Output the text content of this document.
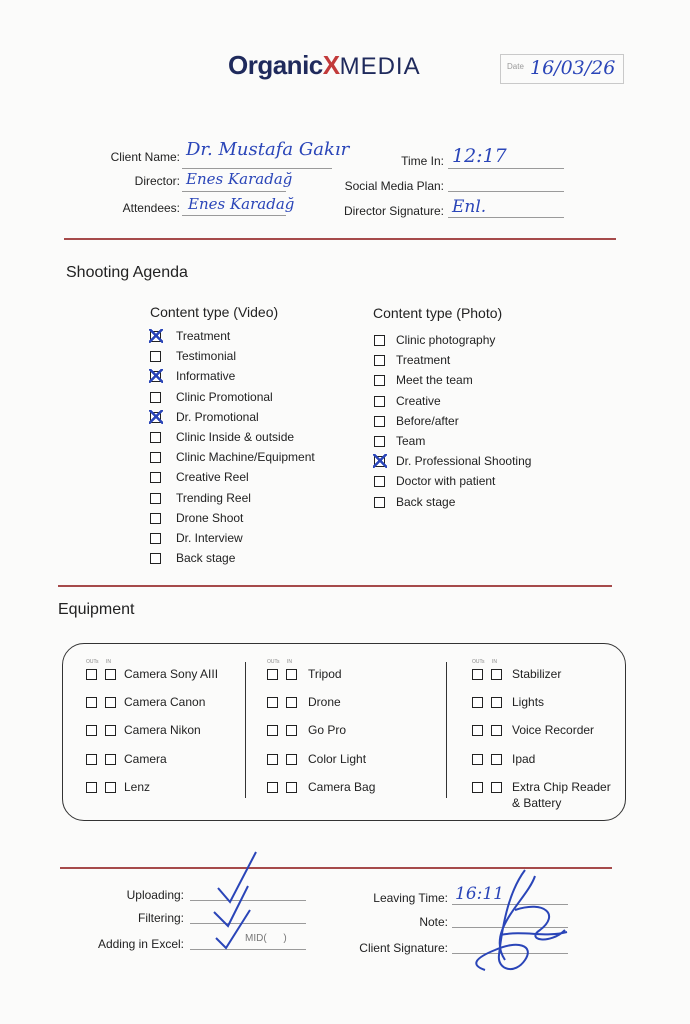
OrganicXMEDIA	Date 16/03/26
Client Name: Dr. Mustafa Gakır
Director: Enes Karadağ
Attendees: Enes Karadağ
Time In: 12:17
Social Media Plan:
Director Signature: Enl.
Shooting Agenda
Content type (Video)	Content type (Photo)
Treatment
Testimonial
Informative
Clinic Promotional
Dr. Promotional
Clinic Inside & outside
Clinic Machine/Equipment
Creative Reel
Trending Reel
Drone Shoot
Dr. Interview
Back stage
Clinic photography
Treatment
Meet the team
Creative
Before/after
Team
Dr. Professional Shooting
Doctor with patient
Back stage
Equipment
OUTs IN
Camera Sony AIII
Camera Canon
Camera Nikon
Camera
Lenz
OUTs IN
Tripod
Drone
Go Pro
Color Light
Camera Bag
OUTs IN
Stabilizer
Lights
Voice Recorder
Ipad
Extra Chip Reader
& Battery
Uploading:
Filtering:
Adding in Excel:	MID(      )
Leaving Time: 16:11
Note:
Client Signature:
